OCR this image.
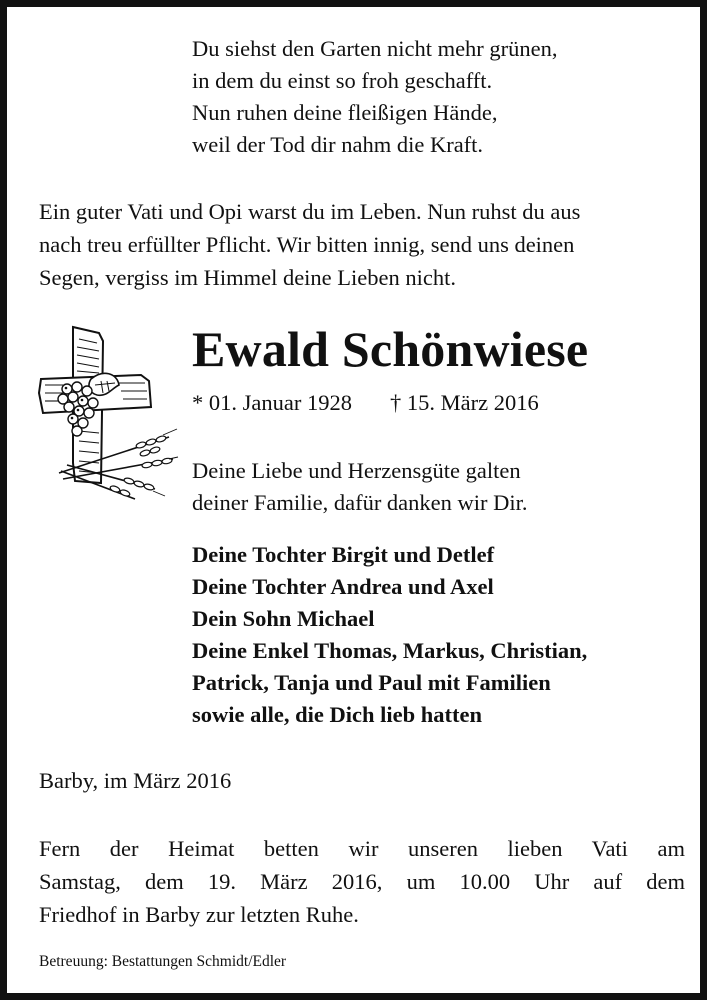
Du siehst den Garten nicht mehr grünen,
in dem du einst so froh geschafft.
Nun ruhen deine fleißigen Hände,
weil der Tod dir nahm die Kraft.
Ein guter Vati und Opi warst du im Leben. Nun ruhst du aus
nach treu erfüllter Pflicht. Wir bitten innig, send uns deinen
Segen, vergiss im Himmel deine Lieben nicht.
Ewald Schönwiese
* 01. Januar 1928 † 15. März 2016
Deine Liebe und Herzensgüte galten
deiner Familie, dafür danken wir Dir.
Deine Tochter Birgit und Detlef
Deine Tochter Andrea und Axel
Dein Sohn Michael
Deine Enkel Thomas, Markus, Christian,
Patrick, Tanja und Paul mit Familien
sowie alle, die Dich lieb hatten
Barby, im März 2016
Fern der Heimat betten wir unseren lieben Vati am
Samstag, dem 19. März 2016, um 10.00 Uhr auf dem
Friedhof in Barby zur letzten Ruhe.
Betreuung: Bestattungen Schmidt/Edler
